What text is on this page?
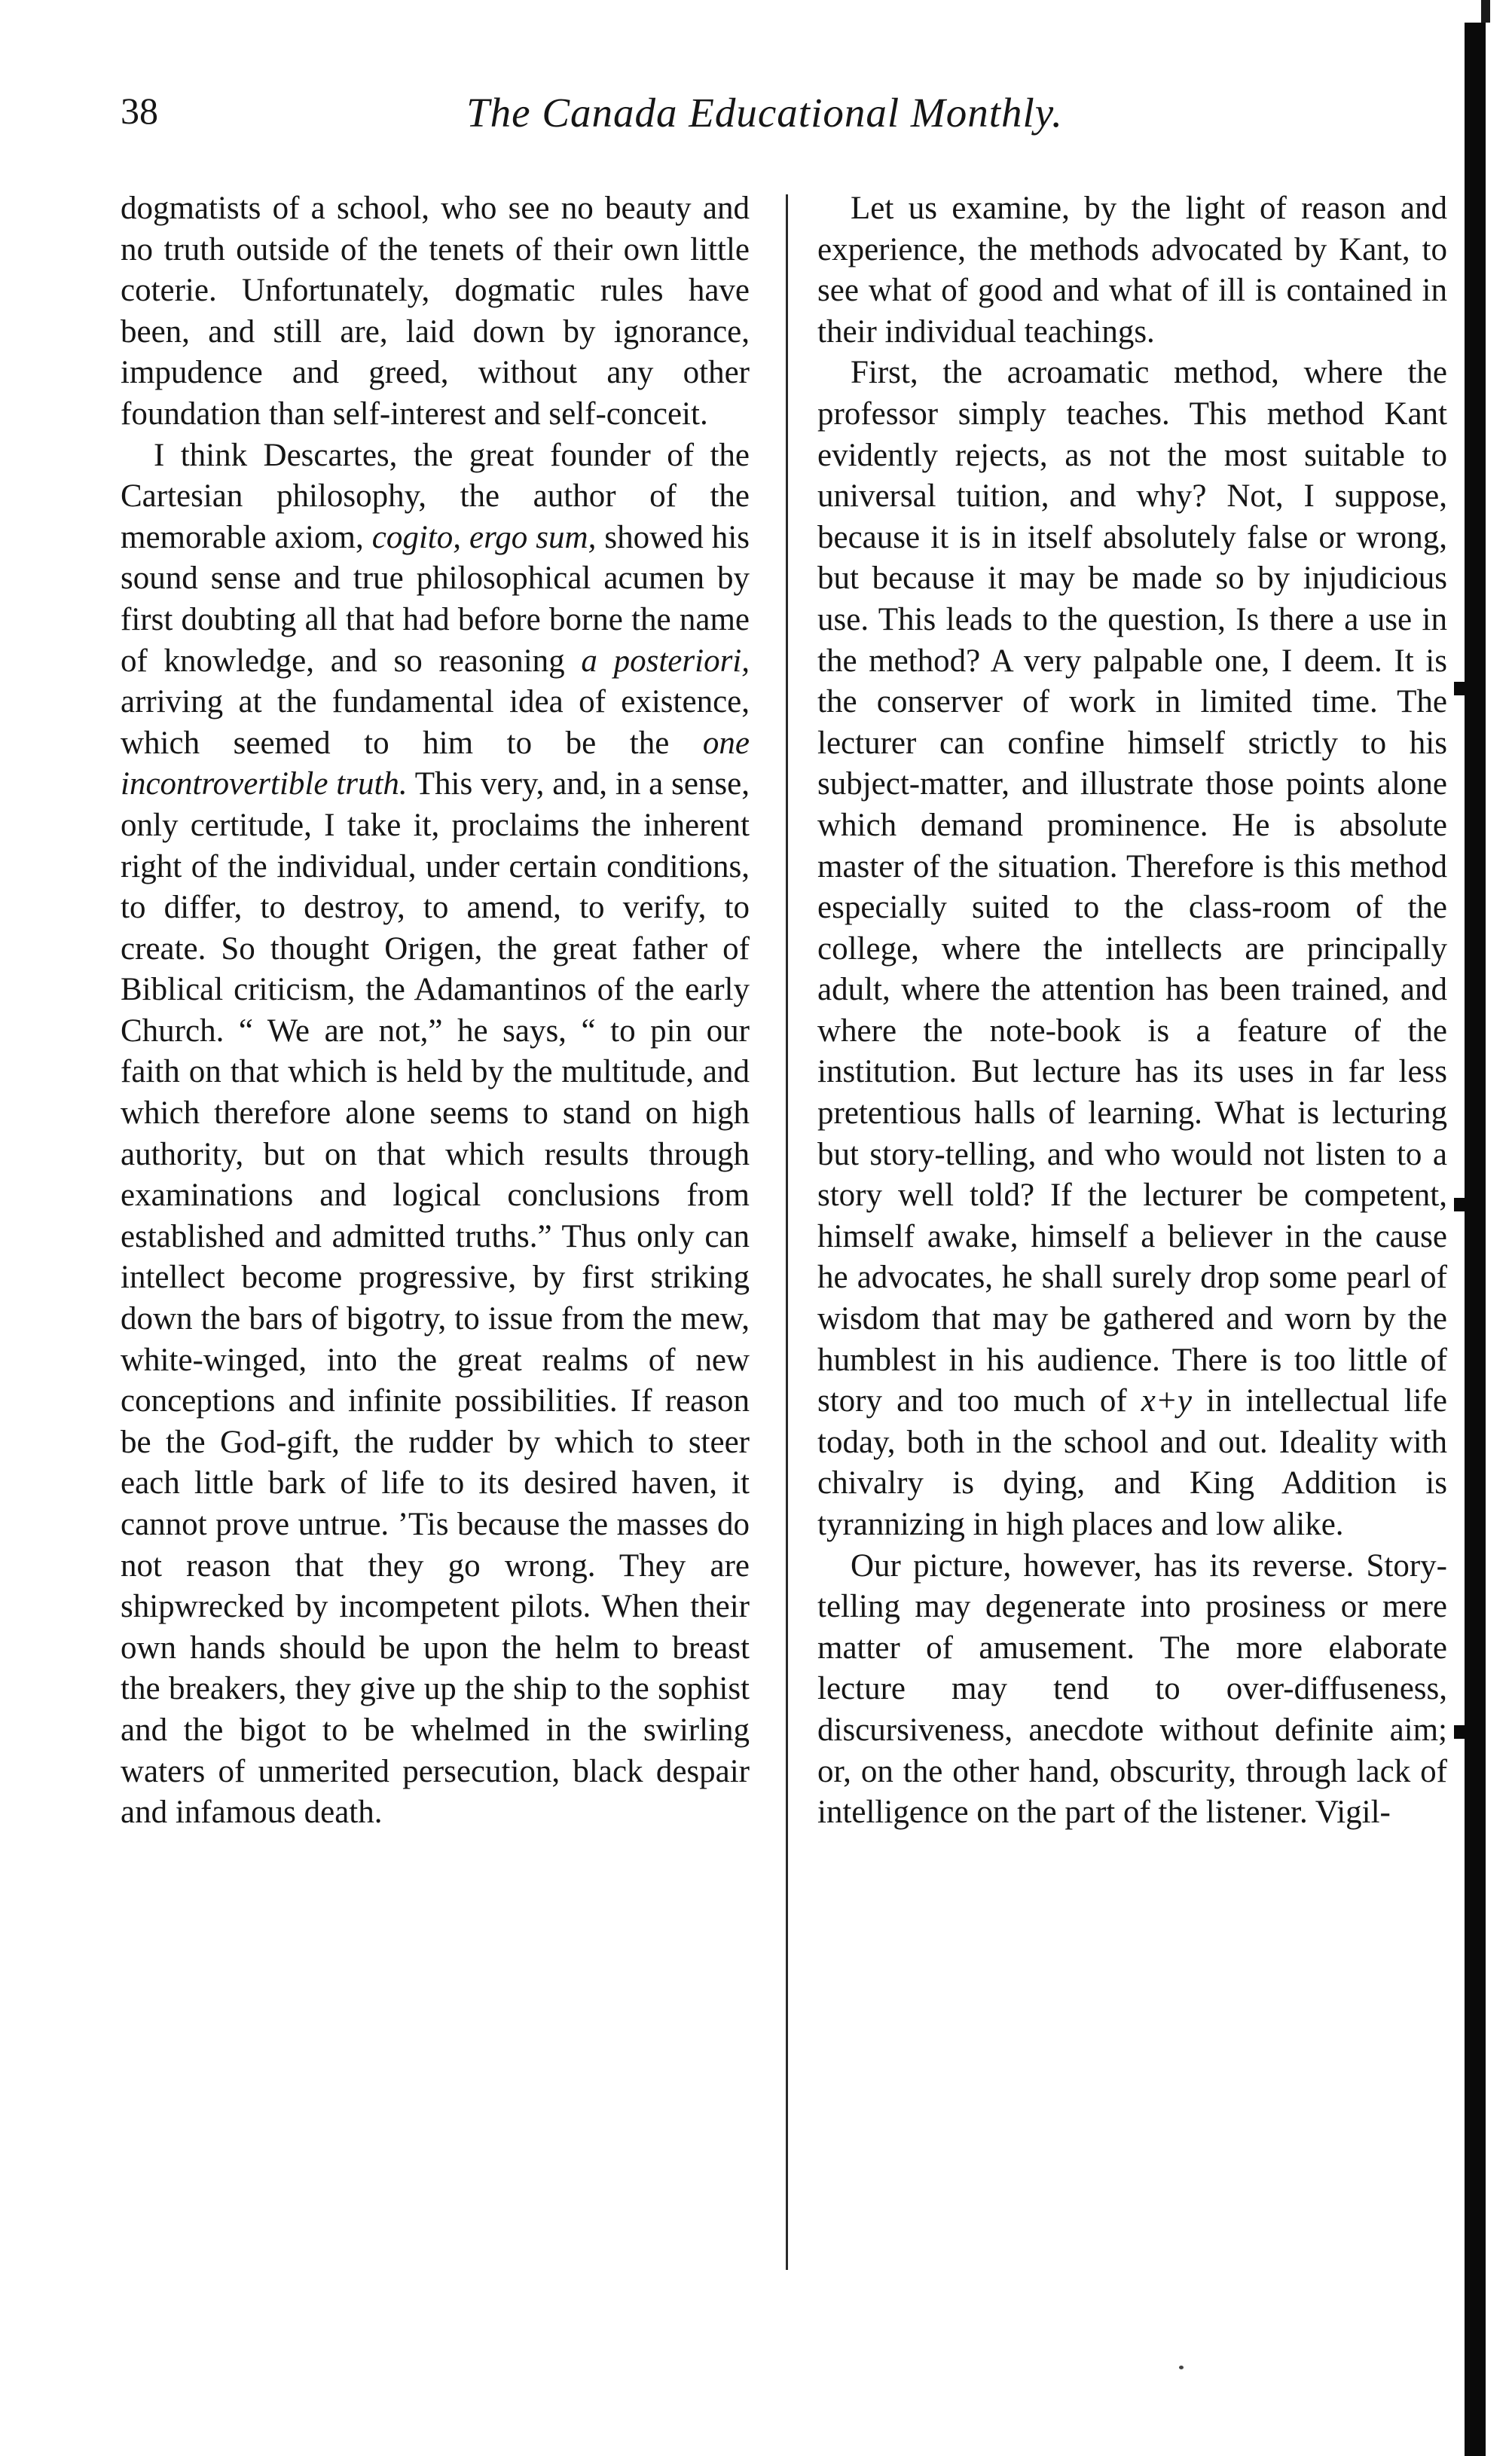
38	The Canada Educational Monthly.

dogmatists of a school, who see no beauty and no truth outside of the tenets of their own little coterie. Unfortunately, dogmatic rules have been, and still are, laid down by ignorance, impudence and greed, without any other foundation than self-interest and self-conceit.

I think Descartes, the great founder of the Cartesian philosophy, the author of the memorable axiom, cogito, ergo sum, showed his sound sense and true philosophical acumen by first doubting all that had before borne the name of knowledge, and so reasoning a posteriori, arriving at the fundamental idea of existence, which seemed to him to be the one incontrovertible truth. This very, and, in a sense, only certitude, I take it, proclaims the inherent right of the individual, under certain conditions, to differ, to destroy, to amend, to verify, to create. So thought Origen, the great father of Biblical criticism, the Adamantinos of the early Church. “ We are not,” he says, “ to pin our faith on that which is held by the multitude, and which therefore alone seems to stand on high authority, but on that which results through examinations and logical conclusions from established and admitted truths.” Thus only can intellect become progressive, by first striking down the bars of bigotry, to issue from the mew, white-winged, into the great realms of new conceptions and infinite possibilities. If reason be the God-gift, the rudder by which to steer each little bark of life to its desired haven, it cannot prove untrue. ’Tis because the masses do not reason that they go wrong. They are shipwrecked by incompetent pilots. When their own hands should be upon the helm to breast the breakers, they give up the ship to the sophist and the bigot to be whelmed in the swirling waters of unmerited persecution, black despair and infamous death.

Let us examine, by the light of reason and experience, the methods advocated by Kant, to see what of good and what of ill is contained in their individual teachings.

First, the acroamatic method, where the professor simply teaches. This method Kant evidently rejects, as not the most suitable to universal tuition, and why? Not, I suppose, because it is in itself absolutely false or wrong, but because it may be made so by injudicious use. This leads to the question, Is there a use in the method? A very palpable one, I deem. It is the conserver of work in limited time. The lecturer can confine himself strictly to his subject-matter, and illustrate those points alone which demand prominence. He is absolute master of the situation. Therefore is this method especially suited to the class-room of the college, where the intellects are principally adult, where the attention has been trained, and where the note-book is a feature of the institution. But lecture has its uses in far less pretentious halls of learning. What is lecturing but story-telling, and who would not listen to a story well told? If the lecturer be competent, himself awake, himself a believer in the cause he advocates, he shall surely drop some pearl of wisdom that may be gathered and worn by the humblest in his audience. There is too little of story and too much of x+y in intellectual life today, both in the school and out. Ideality with chivalry is dying, and King Addition is tyrannizing in high places and low alike.

Our picture, however, has its reverse. Story-telling may degenerate into prosiness or mere matter of amusement. The more elaborate lecture may tend to over-diffuseness, discursiveness, anecdote without definite aim; or, on the other hand, obscurity, through lack of intelligence on the part of the listener. Vigil-
